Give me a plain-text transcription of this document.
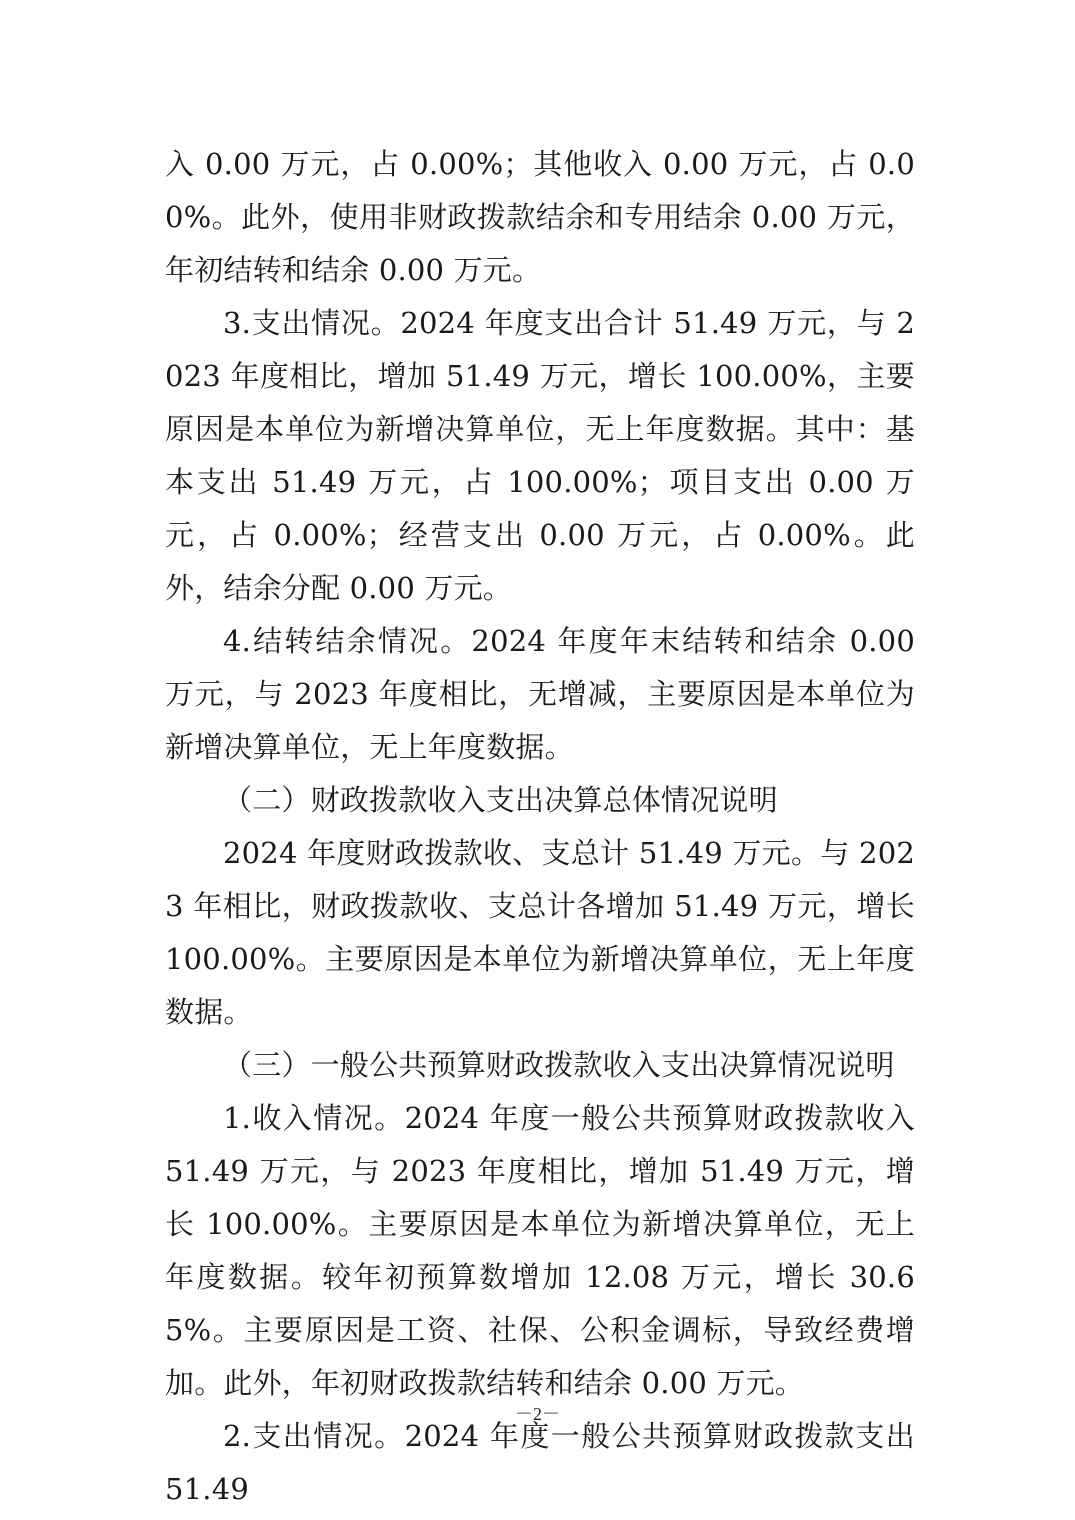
入 0.00 万元，占 0.00%；其他收入 0.00 万元，占 0.00%。此外，使用非财政拨款结余和专用结余 0.00 万元，年初结转和结余 0.00 万元。

3.支出情况。2024 年度支出合计 51.49 万元，与 2023 年度相比，增加 51.49 万元，增长 100.00%，主要原因是本单位为新增决算单位，无上年度数据。其中：基本支出 51.49 万元，占 100.00%；项目支出 0.00 万元，占 0.00%；经营支出 0.00 万元，占 0.00%。此外，结余分配 0.00 万元。

4.结转结余情况。2024 年度年末结转和结余 0.00 万元，与 2023 年度相比，无增减，主要原因是本单位为新增决算单位，无上年度数据。

（二）财政拨款收入支出决算总体情况说明

2024 年度财政拨款收、支总计 51.49 万元。与 2023 年相比，财政拨款收、支总计各增加 51.49 万元，增长 100.00%。主要原因是本单位为新增决算单位，无上年度数据。

（三）一般公共预算财政拨款收入支出决算情况说明

1.收入情况。2024 年度一般公共预算财政拨款收入 51.49 万元，与 2023 年度相比，增加 51.49 万元，增长 100.00%。主要原因是本单位为新增决算单位，无上年度数据。较年初预算数增加 12.08 万元，增长 30.65%。主要原因是工资、社保、公积金调标，导致经费增加。此外，年初财政拨款结转和结余 0.00 万元。

2.支出情况。2024 年度一般公共预算财政拨款支出 51.49

－2－
